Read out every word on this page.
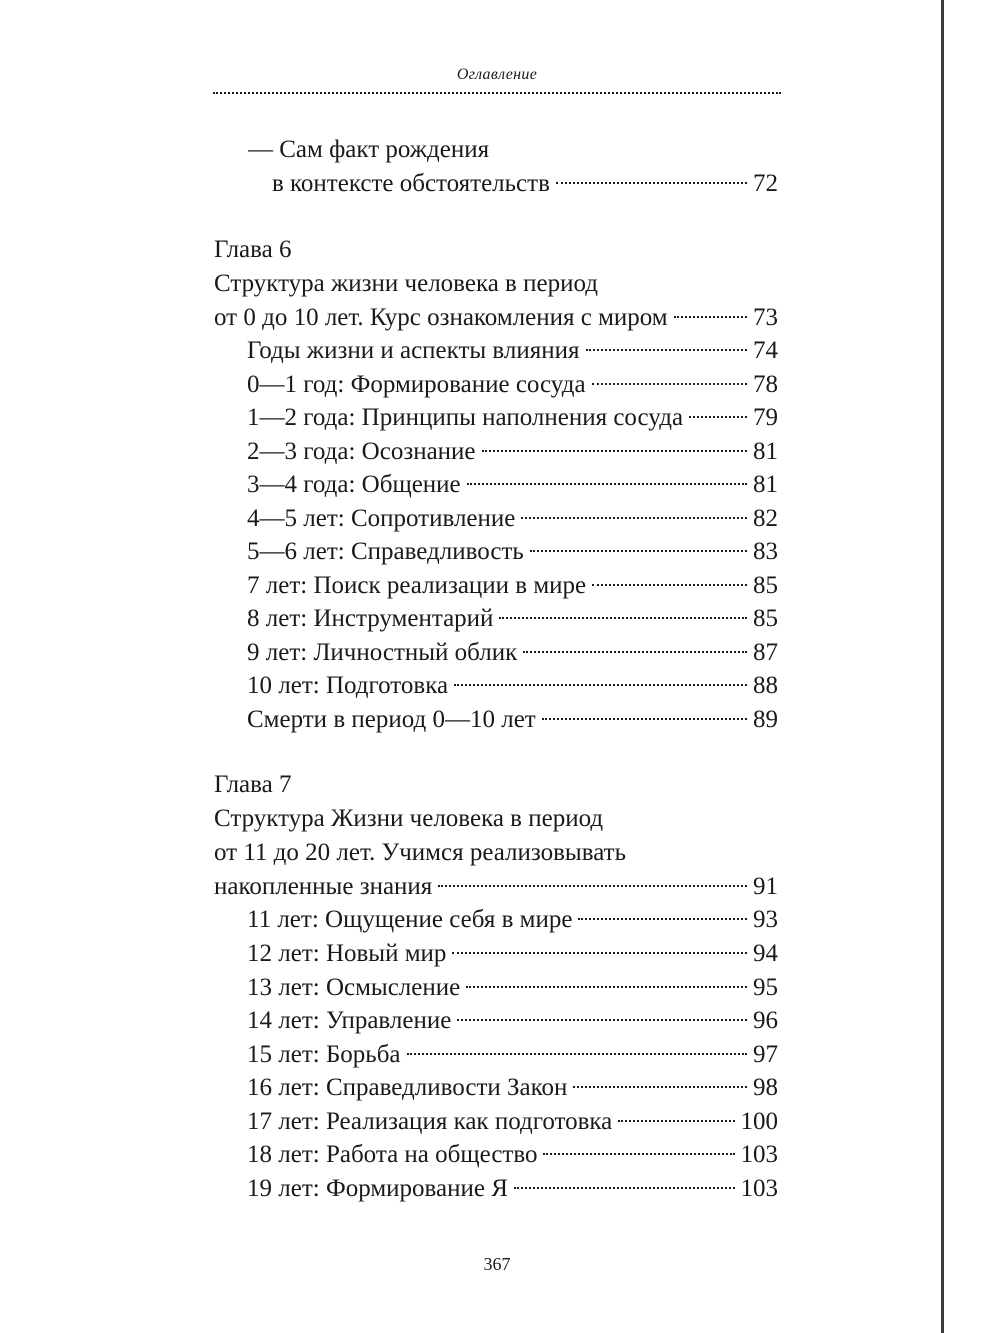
Оглавление
— Сам факт рождения
в контексте обстоятельств	72
Глава 6
Структура жизни человека в период
от 0 до 10 лет. Курс ознакомления с миром	73
Годы жизни и аспекты влияния	74
0—1 год: Формирование сосуда	78
1—2 года: Принципы наполнения сосуда	79
2—3 года: Осознание	81
3—4 года: Общение	81
4—5 лет: Сопротивление	82
5—6 лет: Справедливость	83
7 лет: Поиск реализации в мире	85
8 лет: Инструментарий	85
9 лет: Личностный облик	87
10 лет: Подготовка	88
Смерти в период 0—10 лет	89
Глава 7
Структура Жизни человека в период
от 11 до 20 лет. Учимся реализовывать
накопленные знания	91
11 лет: Ощущение себя в мире	93
12 лет: Новый мир	94
13 лет: Осмысление	95
14 лет: Управление	96
15 лет: Борьба	97
16 лет: Справедливости Закон	98
17 лет: Реализация как подготовка	100
18 лет: Работа на общество	103
19 лет: Формирование Я	103
367
